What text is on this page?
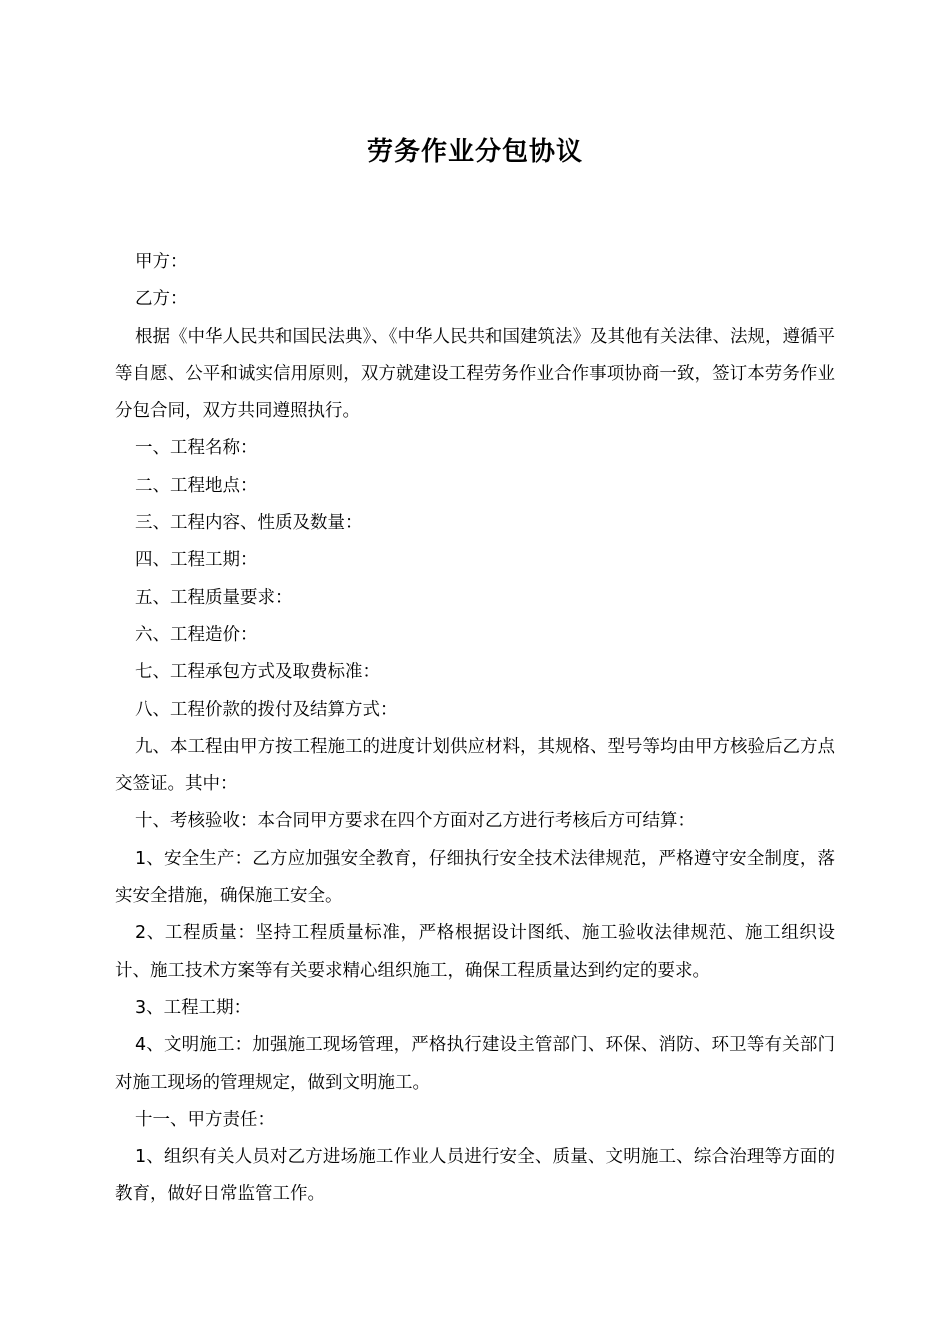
劳务作业分包协议

甲方：

乙方：

根据《中华人民共和国民法典》、《中华人民共和国建筑法》及其他有关法律、法规，遵循平等自愿、公平和诚实信用原则，双方就建设工程劳务作业合作事项协商一致，签订本劳务作业分包合同，双方共同遵照执行。

一、工程名称：

二、工程地点：

三、工程内容、性质及数量：

四、工程工期：

五、工程质量要求：

六、工程造价：

七、工程承包方式及取费标准：

八、工程价款的拨付及结算方式：

九、本工程由甲方按工程施工的进度计划供应材料，其规格、型号等均由甲方核验后乙方点交签证。其中：

十、考核验收：本合同甲方要求在四个方面对乙方进行考核后方可结算：

1、安全生产：乙方应加强安全教育，仔细执行安全技术法律规范，严格遵守安全制度，落实安全措施，确保施工安全。

2、工程质量：坚持工程质量标准，严格根据设计图纸、施工验收法律规范、施工组织设计、施工技术方案等有关要求精心组织施工，确保工程质量达到约定的要求。

3、工程工期：

4、文明施工：加强施工现场管理，严格执行建设主管部门、环保、消防、环卫等有关部门对施工现场的管理规定，做到文明施工。

十一、甲方责任：

1、组织有关人员对乙方进场施工作业人员进行安全、质量、文明施工、综合治理等方面的教育，做好日常监管工作。
